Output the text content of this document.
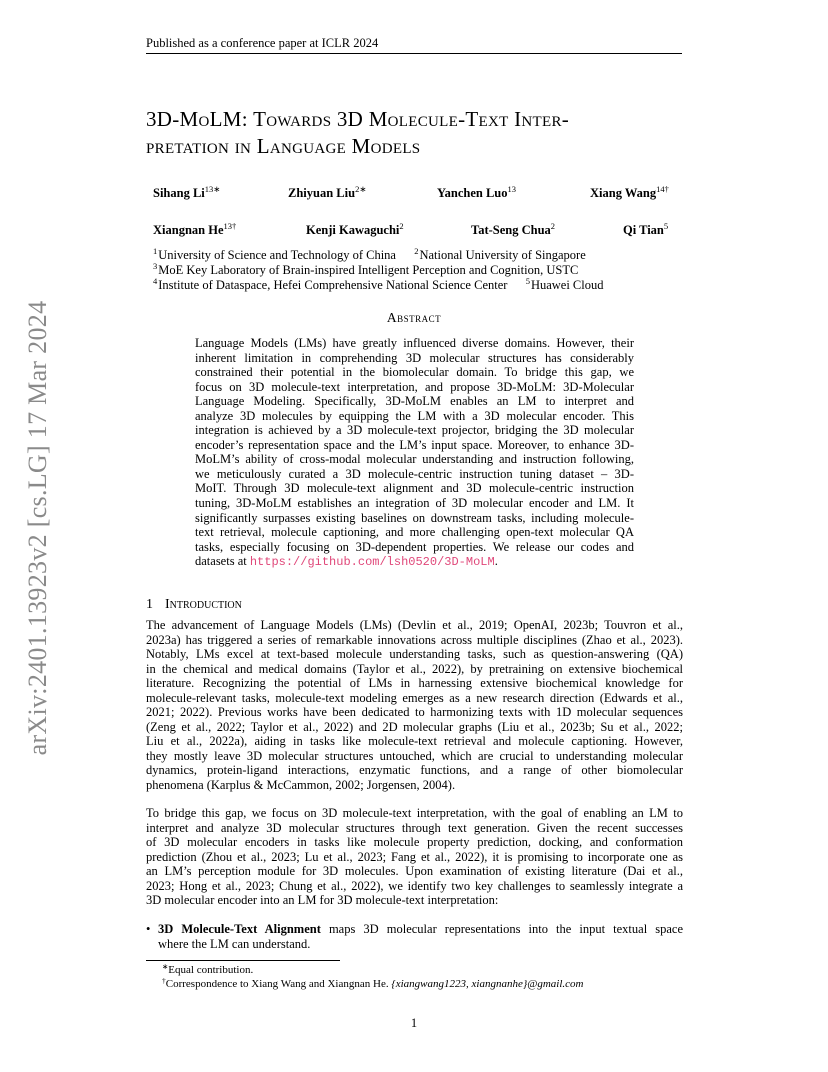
arXiv:2401.13923v2 [cs.LG] 17 Mar 2024
Published as a conference paper at ICLR 2024
3D-MoLM: Towards 3D Molecule-Text Inter-
pretation in Language Models
Sihang $Li^{13∗}$	Zhiyuan Liu$^{2∗}$	Yanchen Luo$^{13}$	Xiang Wang$^{14\dagger}$
Xiangnan $He^{13\dagger}$	Kenji Kawaguchi$^2$	Tat-Seng Chua$^2$	Qi Tian$^5$
$^1$University of Science and Technology of China $^2$National University of Singapore
$^3$MoE Key Laboratory of Brain-inspired Intelligent Perception and Cognition, USTC
$^4$Institute of Dataspace, Hefei Comprehensive National Science Center $^5$Huawei Cloud
Abstract
Language Models (LMs) have greatly influenced diverse domains. However, their
inherent limitation in comprehending 3D molecular structures has considerably
constrained their potential in the biomolecular domain. To bridge this gap, we
focus on 3D molecule-text interpretation, and propose 3D-MoLM: 3D-Molecular
Language Modeling. Specifically, 3D-MoLM enables an LM to interpret and
analyze 3D molecules by equipping the LM with a 3D molecular encoder. This
integration is achieved by a 3D molecule-text projector, bridging the 3D molecular
encoder’s representation space and the LM’s input space. Moreover, to enhance 3D-
MoLM’s ability of cross-modal molecular understanding and instruction following,
we meticulously curated a 3D molecule-centric instruction tuning dataset – 3D-
MoIT. Through 3D molecule-text alignment and 3D molecule-centric instruction
tuning, 3D-MoLM establishes an integration of 3D molecular encoder and LM. It
significantly surpasses existing baselines on downstream tasks, including molecule-
text retrieval, molecule captioning, and more challenging open-text molecular QA
tasks, especially focusing on 3D-dependent properties. We release our codes and
datasets at https://github.com/lsh0520/3D-MoLM.
1 Introduction
The advancement of Language Models (LMs) (Devlin et al., 2019; OpenAI, 2023b; Touvron et al.,
2023a) has triggered a series of remarkable innovations across multiple disciplines (Zhao et al., 2023).
Notably, LMs excel at text-based molecule understanding tasks, such as question-answering (QA)
in the chemical and medical domains (Taylor et al., 2022), by pretraining on extensive biochemical
literature. Recognizing the potential of LMs in harnessing extensive biochemical knowledge for
molecule-relevant tasks, molecule-text modeling emerges as a new research direction (Edwards et al.,
2021; 2022). Previous works have been dedicated to harmonizing texts with 1D molecular sequences
(Zeng et al., 2022; Taylor et al., 2022) and 2D molecular graphs (Liu et al., 2023b; Su et al., 2022;
Liu et al., 2022a), aiding in tasks like molecule-text retrieval and molecule captioning. However,
they mostly leave 3D molecular structures untouched, which are crucial to understanding molecular
dynamics, protein-ligand interactions, enzymatic functions, and a range of other biomolecular
phenomena (Karplus & McCammon, 2002; Jorgensen, 2004).
To bridge this gap, we focus on 3D molecule-text interpretation, with the goal of enabling an LM to
interpret and analyze 3D molecular structures through text generation. Given the recent successes
of 3D molecular encoders in tasks like molecule property prediction, docking, and conformation
prediction (Zhou et al., 2023; Lu et al., 2023; Fang et al., 2022), it is promising to incorporate one as
an LM’s perception module for 3D molecules. Upon examination of existing literature (Dai et al.,
2023; Hong et al., 2023; Chung et al., 2022), we identify two key challenges to seamlessly integrate a
3D molecular encoder into an LM for 3D molecule-text interpretation:
• 3D Molecule-Text Alignment maps 3D molecular representations into the input textual space
where the LM can understand.
∗Equal contribution.
†Correspondence to Xiang Wang and Xiangnan He. {xiangwang1223, xiangnanhe}@gmail.com
1
